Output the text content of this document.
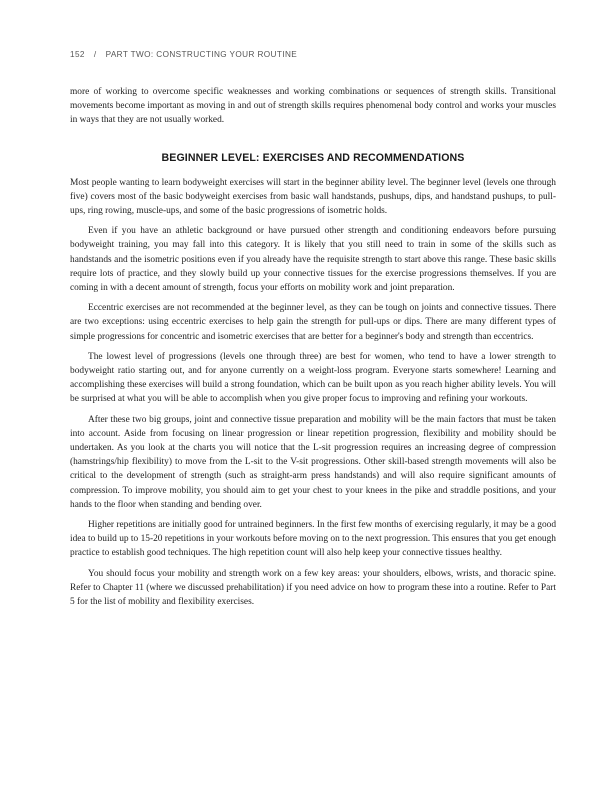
152 / PART TWO: CONSTRUCTING YOUR ROUTINE

more of working to overcome specific weaknesses and working combinations or sequences of strength skills. Transitional movements become important as moving in and out of strength skills requires phenomenal body control and works your muscles in ways that they are not usually worked.

BEGINNER LEVEL: EXERCISES AND RECOMMENDATIONS

Most people wanting to learn bodyweight exercises will start in the beginner ability level. The beginner level (levels one through five) covers most of the basic bodyweight exercises from basic wall handstands, pushups, dips, and handstand pushups, to pull-ups, ring rowing, muscle-ups, and some of the basic progressions of isometric holds.

Even if you have an athletic background or have pursued other strength and conditioning endeavors before pursuing bodyweight training, you may fall into this category. It is likely that you still need to train in some of the skills such as handstands and the isometric positions even if you already have the requisite strength to start above this range. These basic skills require lots of practice, and they slowly build up your connective tissues for the exercise progressions themselves. If you are coming in with a decent amount of strength, focus your efforts on mobility work and joint preparation.

Eccentric exercises are not recommended at the beginner level, as they can be tough on joints and connective tissues. There are two exceptions: using eccentric exercises to help gain the strength for pull-ups or dips. There are many different types of simple progressions for concentric and isometric exercises that are better for a beginner's body and strength than eccentrics.

The lowest level of progressions (levels one through three) are best for women, who tend to have a lower strength to bodyweight ratio starting out, and for anyone currently on a weight-loss program. Everyone starts somewhere! Learning and accomplishing these exercises will build a strong foundation, which can be built upon as you reach higher ability levels. You will be surprised at what you will be able to accomplish when you give proper focus to improving and refining your workouts.

After these two big groups, joint and connective tissue preparation and mobility will be the main factors that must be taken into account. Aside from focusing on linear progression or linear repetition progression, flexibility and mobility should be undertaken. As you look at the charts you will notice that the L-sit progression requires an increasing degree of compression (hamstrings/hip flexibility) to move from the L-sit to the V-sit progressions. Other skill-based strength movements will also be critical to the development of strength (such as straight-arm press handstands) and will also require significant amounts of compression. To improve mobility, you should aim to get your chest to your knees in the pike and straddle positions, and your hands to the floor when standing and bending over.

Higher repetitions are initially good for untrained beginners. In the first few months of exercising regularly, it may be a good idea to build up to 15-20 repetitions in your workouts before moving on to the next progression. This ensures that you get enough practice to establish good techniques. The high repetition count will also help keep your connective tissues healthy.

You should focus your mobility and strength work on a few key areas: your shoulders, elbows, wrists, and thoracic spine. Refer to Chapter 11 (where we discussed prehabilitation) if you need advice on how to program these into a routine. Refer to Part 5 for the list of mobility and flexibility exercises.
